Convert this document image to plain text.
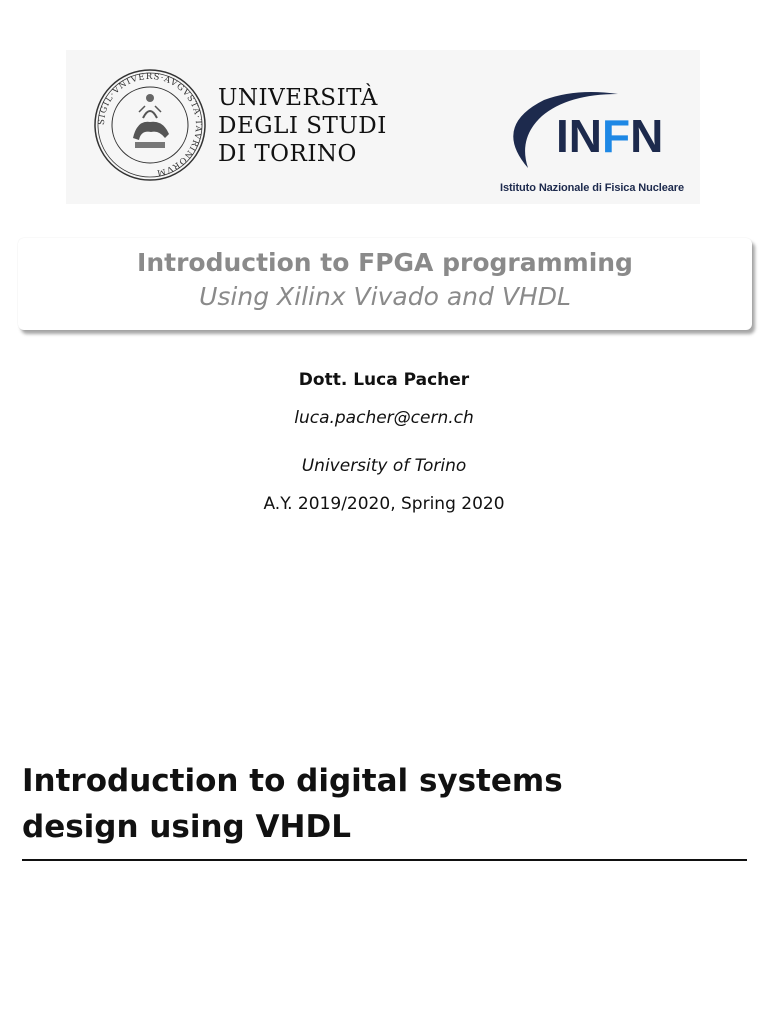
SIGIL·VNIVERS·AVGVSTA·TAVRINORVM
UNIVERSITÀ
DEGLI STUDI
DI TORINO	INFN
Istituto Nazionale di Fisica Nucleare
Introduction to FPGA programming
Using Xilinx Vivado and VHDL
Dott. Luca Pacher
luca.pacher@cern.ch
University of Torino
A.Y. 2019/2020, Spring 2020
Introduction to digital systems
design using VHDL
